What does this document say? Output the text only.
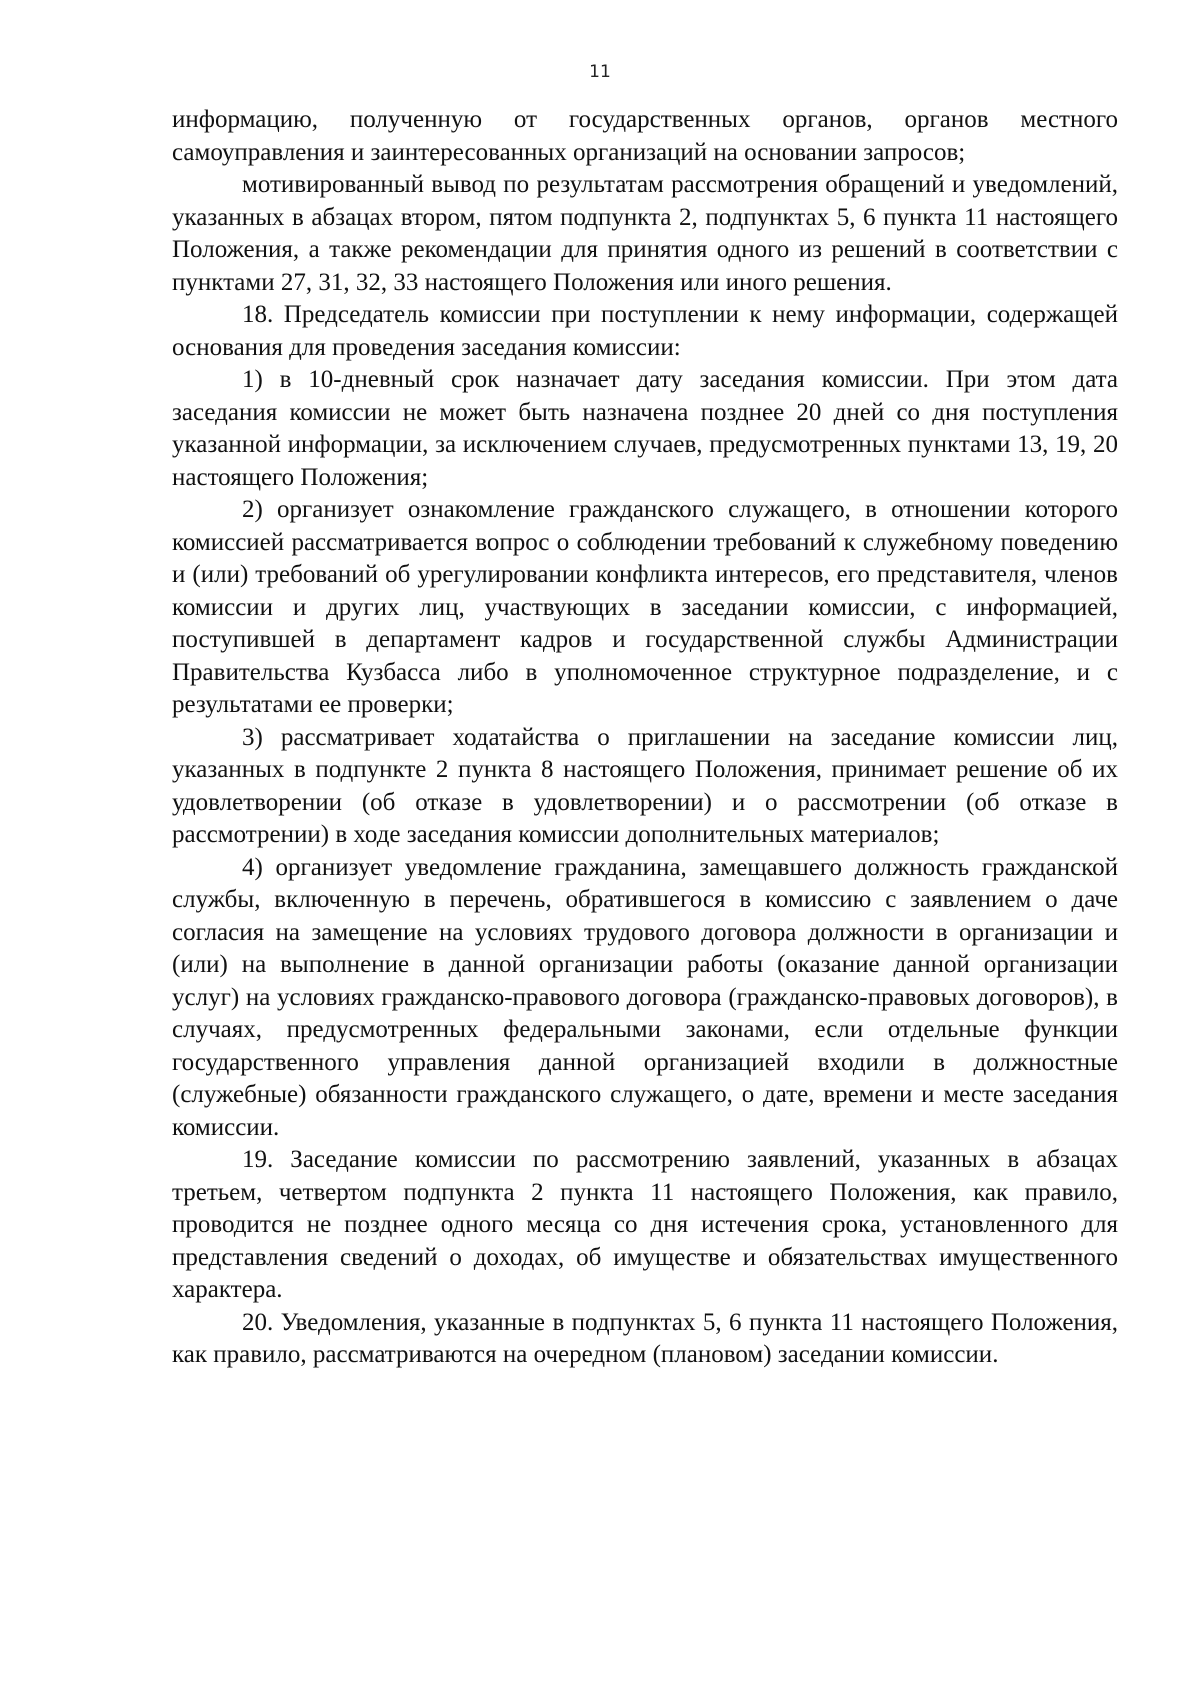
11

информацию, полученную от государственных органов, органов местного самоуправления и заинтересованных организаций на основании запросов;

мотивированный вывод по результатам рассмотрения обращений и уведомлений, указанных в абзацах втором, пятом подпункта 2, подпунктах 5, 6 пункта 11 настоящего Положения, а также рекомендации для принятия одного из решений в соответствии с пунктами 27, 31, 32, 33 настоящего Положения или иного решения.

18. Председатель комиссии при поступлении к нему информации, содержащей основания для проведения заседания комиссии:

1) в 10-дневный срок назначает дату заседания комиссии. При этом дата заседания комиссии не может быть назначена позднее 20 дней со дня поступления указанной информации, за исключением случаев, предусмотренных пунктами 13, 19, 20 настоящего Положения;

2) организует ознакомление гражданского служащего, в отношении которого комиссией рассматривается вопрос о соблюдении требований к служебному поведению и (или) требований об урегулировании конфликта интересов, его представителя, членов комиссии и других лиц, участвующих в заседании комиссии, с информацией, поступившей в департамент кадров и государственной службы Администрации Правительства Кузбасса либо в уполномоченное структурное подразделение, и с результатами ее проверки;

3) рассматривает ходатайства о приглашении на заседание комиссии лиц, указанных в подпункте 2 пункта 8 настоящего Положения, принимает решение об их удовлетворении (об отказе в удовлетворении) и о рассмотрении (об отказе в рассмотрении) в ходе заседания комиссии дополнительных материалов;

4) организует уведомление гражданина, замещавшего должность гражданской службы, включенную в перечень, обратившегося в комиссию с заявлением о даче согласия на замещение на условиях трудового договора должности в организации и (или) на выполнение в данной организации работы (оказание данной организации услуг) на условиях гражданско-правового договора (гражданско-правовых договоров), в случаях, предусмотренных федеральными законами, если отдельные функции государственного управления данной организацией входили в должностные (служебные) обязанности гражданского служащего, о дате, времени и месте заседания комиссии.

19. Заседание комиссии по рассмотрению заявлений, указанных в абзацах третьем, четвертом подпункта 2 пункта 11 настоящего Положения, как правило, проводится не позднее одного месяца со дня истечения срока, установленного для представления сведений о доходах, об имуществе и обязательствах имущественного характера.

20. Уведомления, указанные в подпунктах 5, 6 пункта 11 настоящего Положения, как правило, рассматриваются на очередном (плановом) заседании комиссии.
